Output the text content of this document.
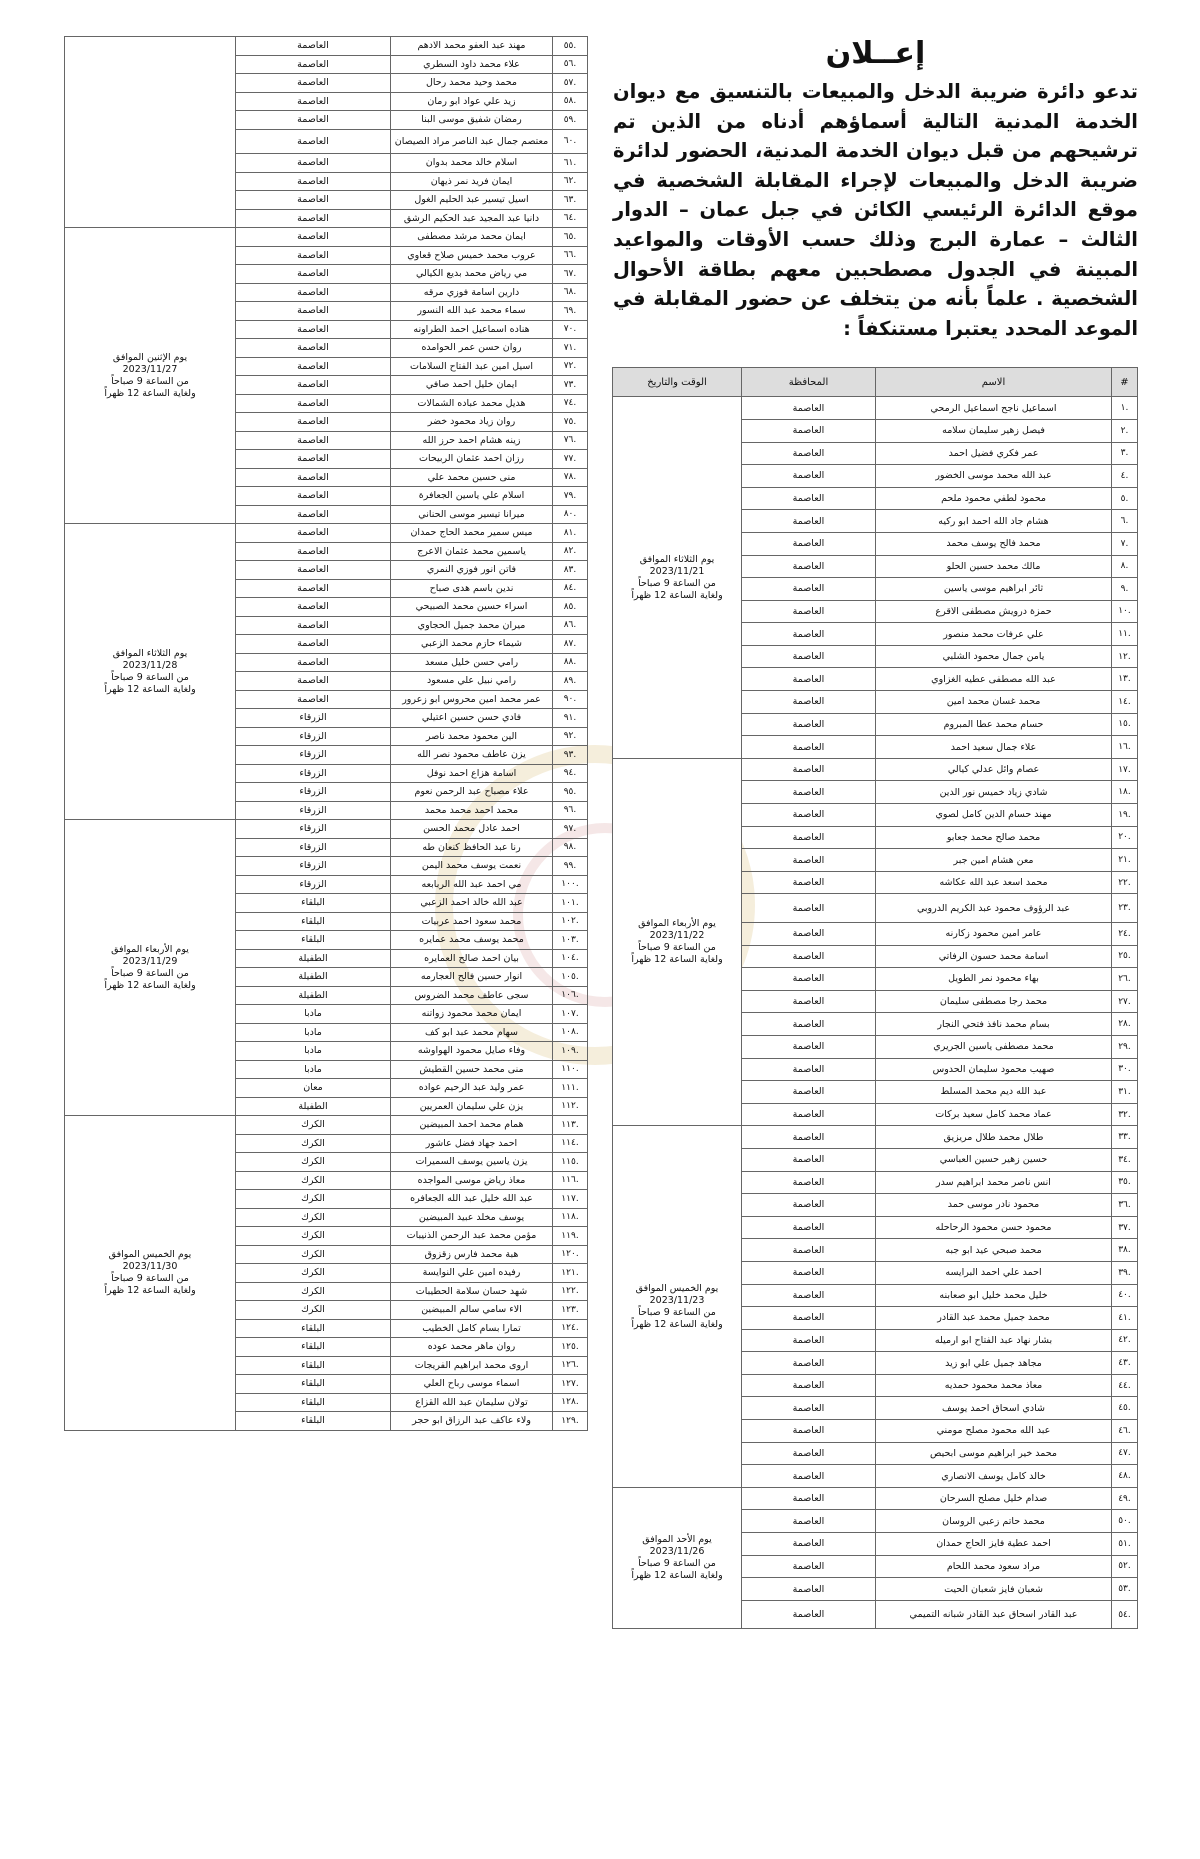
إعــلان
تدعو دائرة ضريبة الدخل والمبيعات بالتنسيق مع ديوان الخدمة المدنية التالية أسماؤهم أدناه من الذين تم ترشيحهم من قبل ديوان الخدمة المدنية، الحضور لدائرة ضريبة الدخل والمبيعات لإجراء المقابلة الشخصية في موقع الدائرة الرئيسي الكائن في جبل عمان – الدوار الثالث – عمارة البرج وذلك حسب الأوقات والمواعيد المبينة في الجدول مصطحبين معهم بطاقة الأحوال الشخصية . علماً بأنه من يتخلف عن حضور المقابلة في الموعد المحدد يعتبرا مستنكفاً :
#	الاسم	المحافظة	الوقت والتاريخ
١.	اسماعيل ناجح اسماعيل الرمحي	العاصمة	يوم الثلاثاء الموافق
2023/11/21
من الساعة 9 صباحاً
ولغاية الساعة 12 ظهراً

٢.	فيصل زهير سليمان سلامه	العاصمة	
٣.	عمر فكري فضيل احمد	العاصمة	
٤.	عبد الله محمد موسى الخضور	العاصمة	
٥.	محمود لطفي محمود ملحم	العاصمة	
٦.	هشام جاد الله احمد ابو ركيه	العاصمة	
٧.	محمد فالح يوسف محمد	العاصمة	
٨.	مالك محمد حسين الحلو	العاصمة	
٩.	ثائر ابراهيم موسى ياسين	العاصمة	
١٠.	حمزة درويش مصطفى الاقرع	العاصمة	
١١.	علي عرفات محمد منصور	العاصمة	
١٢.	يامن جمال محمود الشلبي	العاصمة	
١٣.	عبد الله مصطفى عطيه الغزاوي	العاصمة	
١٤.	محمد غسان محمد امين	العاصمة	
١٥.	حسام محمد عطا المبروم	العاصمة	
١٦.	علاء جمال سعيد احمد	العاصمة	
١٧.	عصام وائل عدلي كيالي	العاصمة	يوم الأربعاء الموافق
2023/11/22
من الساعة 9 صباحاً
ولغاية الساعة 12 ظهراً

١٨.	شادي زياد خميس نور الدين	العاصمة	
١٩.	مهند حسام الدين كامل لصوي	العاصمة	
٢٠.	محمد صالح محمد جعابو	العاصمة	
٢١.	معن هشام امين جبر	العاصمة	
٢٢.	محمد اسعد عبد الله عكاشه	العاصمة	
٢٣.	عبد الرؤوف محمود عبد الكريم الدروبي	العاصمة	
٢٤.	عامر امين محمود زكارنه	العاصمة	
٢٥.	اسامة محمد حسون الرفاتي	العاصمة	
٢٦.	بهاء محمود نمر الطويل	العاصمة	
٢٧.	محمد رجا مصطفى سليمان	العاصمة	
٢٨.	بسام محمد نافذ فتحي النجار	العاصمة	
٢٩.	محمد مصطفى ياسين الجريري	العاصمة	
٣٠.	صهيب محمود سليمان الحدوس	العاصمة	
٣١.	عبد الله ديم محمد المسلط	العاصمة	
٣٢.	عماد محمد كامل سعيد بركات	العاصمة	
٣٣.	طلال محمد طلال مريزيق	العاصمة	يوم الخميس الموافق
2023/11/23
من الساعة 9 صباحاً
ولغاية الساعة 12 ظهراً

٣٤.	حسين زهير حسين العباسي	العاصمة	
٣٥.	انس ناصر محمد ابراهيم سدر	العاصمة	
٣٦.	محمود نادر موسى حمد	العاصمة	
٣٧.	محمود حسن محمود الرحاحله	العاصمة	
٣٨.	محمد صبحي عيد ابو جبه	العاصمة	
٣٩.	احمد علي احمد البرايسه	العاصمة	
٤٠.	خليل محمد خليل ابو صعابنه	العاصمة	
٤١.	محمد جميل محمد عبد القادر	العاصمة	
٤٢.	بشار نهاد عبد الفتاح ابو ارميله	العاصمة	
٤٣.	مجاهد جميل علي ابو زيد	العاصمة	
٤٤.	معاذ محمد محمود حمديه	العاصمة	
٤٥.	شادي اسحاق احمد يوسف	العاصمة	
٤٦.	عبد الله محمود مصلح مومني	العاصمة	
٤٧.	محمد خير ابراهيم موسى ابحيص	العاصمة	
٤٨.	خالد كامل يوسف الانصاري	العاصمة	
٤٩.	صدام خليل مصلح السرحان	العاصمة	يوم الأحد الموافق
2023/11/26
من الساعة 9 صباحاً
ولغاية الساعة 12 ظهراً

٥٠.	محمد حاتم زعبي الروسان	العاصمة	
٥١.	احمد عطية فايز الحاج حمدان	العاصمة	
٥٢.	مراد سعود محمد اللحام	العاصمة	
٥٣.	شعبان فايز شعبان الحيت	العاصمة	
٥٤.	عبد القادر اسحاق عبد القادر شبانه التميمي	العاصمة	
٥٥.	مهند عبد العفو محمد الادهم	العاصمة	
٥٦.	علاء محمد داود السطري	العاصمة	
٥٧.	محمد وحيد محمد رحال	العاصمة	
٥٨.	زيد علي عواد ابو رمان	العاصمة	
٥٩.	رمضان شفيق موسى البنا	العاصمة	
٦٠.	معتصم جمال عبد الناصر مراد الصيصان	العاصمة	
٦١.	اسلام خالد محمد بدوان	العاصمة	
٦٢.	ايمان فريد نمر ذيهان	العاصمة	
٦٣.	اسيل تيسير عبد الحليم الغول	العاصمة	
٦٤.	دانيا عبد المجيد عبد الحكيم الرشق	العاصمة	
٦٥.	ايمان محمد مرشد مصطفى	العاصمة	يوم الإثنين الموافق
2023/11/27
من الساعة 9 صباحاً
ولغاية الساعة 12 ظهراً

٦٦.	عروب محمد خميس صلاح قعاوي	العاصمة	
٦٧.	مي رياض محمد بديع الكيالي	العاصمة	
٦٨.	دارين اسامة فوزي مرقه	العاصمة	
٦٩.	سماء محمد عبد الله النسور	العاصمة	
٧٠.	هناده اسماعيل احمد الطراونه	العاصمة	
٧١.	روان حسن عمر الحوامده	العاصمة	
٧٢.	اسيل امين عبد الفتاح السلامات	العاصمة	
٧٣.	ايمان خليل احمد صافي	العاصمة	
٧٤.	هديل محمد عباده الشمالات	العاصمة	
٧٥.	روان زياد محمود خضر	العاصمة	
٧٦.	زينه هشام احمد حرز الله	العاصمة	
٧٧.	رزان احمد عثمان الربيحات	العاصمة	
٧٨.	منى حسين محمد علي	العاصمة	
٧٩.	اسلام علي ياسين الجعافرة	العاصمة	
٨٠.	ميرانا تيسير موسى الحناني	العاصمة	
٨١.	ميس سمير محمد الحاج حمدان	العاصمة	يوم الثلاثاء الموافق
2023/11/28
من الساعة 9 صباحاً
ولغاية الساعة 12 ظهراً

٨٢.	ياسمين محمد عثمان الاعرج	العاصمة	
٨٣.	فاتن انور فوزي النمري	العاصمة	
٨٤.	ندين باسم هدى صباح	العاصمة	
٨٥.	اسراء حسين محمد الصبيحي	العاصمة	
٨٦.	ميران محمد جميل الحجاوي	العاصمة	
٨٧.	شيماء حازم محمد الزعبي	العاصمة	
٨٨.	رامي حسن خليل مسعد	العاصمة	
٨٩.	رامي نبيل علي مسعود	العاصمة	
٩٠.	عمر محمد امين محروس ابو زعرور	العاصمة	
٩١.	فادي حسن حسين اعتيلي	الزرقاء	
٩٢.	الين محمود محمد ناصر	الزرقاء	
٩٣.	يزن عاطف محمود نصر الله	الزرقاء	
٩٤.	اسامة هزاع احمد نوفل	الزرقاء	
٩٥.	علاء مصباح عبد الرحمن نعوم	الزرقاء	
٩٦.	محمد احمد محمد محمد	الزرقاء	
٩٧.	احمد عادل محمد الحسن	الزرقاء	يوم الأربعاء الموافق
2023/11/29
من الساعة 9 صباحاً
ولغاية الساعة 12 ظهراً

٩٨.	رنا عبد الحافظ كنعان طه	الزرقاء	
٩٩.	نعمت يوسف محمد اليمن	الزرقاء	
١٠٠.	مي احمد عبد الله الربابعه	الزرقاء	
١٠١.	عبد الله خالد احمد الزعبي	البلقاء	
١٠٢.	محمد سعود احمد عربيات	البلقاء	
١٠٣.	محمد يوسف محمد عمايره	البلقاء	
١٠٤.	بيان احمد صالح العمايره	الطفيلة	
١٠٥.	انوار حسين فالح العجارمه	الطفيلة	
١٠٦.	سجى عاطف محمد الضروس	الطفيلة	
١٠٧.	ايمان محمد محمود زواتنه	مادبا	
١٠٨.	سهام محمد عبد ابو كف	مادبا	
١٠٩.	وفاء صايل محمود الهواوشه	مادبا	
١١٠.	منى محمد حسين القطيش	مادبا	
١١١.	عمر وليد عبد الرحيم عواده	معان	
١١٢.	يزن علي سليمان العمريين	الطفيلة	
١١٣.	همام محمد احمد المبيضين	الكرك	يوم الخميس الموافق
2023/11/30
من الساعة 9 صباحاً
ولغاية الساعة 12 ظهراً

١١٤.	احمد جهاد فضل عاشور	الكرك	
١١٥.	يزن ياسين يوسف السميرات	الكرك	
١١٦.	معاذ رياض موسى المواجده	الكرك	
١١٧.	عبد الله خليل عبد الله الجعافره	الكرك	
١١٨.	يوسف مخلد عبيد المبيضين	الكرك	
١١٩.	مؤمن محمد عبد الرحمن الذنيبات	الكرك	
١٢٠.	هبة محمد فارس زقزوق	الكرك	
١٢١.	رفيده امين علي النوايسة	الكرك	
١٢٢.	شهد حسان سلامة الحطيبات	الكرك	
١٢٣.	الاء سامي سالم المبيضين	الكرك	
١٢٤.	تمارا بسام كامل الخطيب	البلقاء	
١٢٥.	روان ماهر محمد عوده	البلقاء	
١٢٦.	اروى محمد ابراهيم الفريجات	البلقاء	
١٢٧.	اسماء موسى رباح العلي	البلقاء	
١٢٨.	تولان سليمان عبد الله القزاع	البلقاء	
١٢٩.	ولاء عاكف عبد الرزاق ابو حجر	البلقاء	
